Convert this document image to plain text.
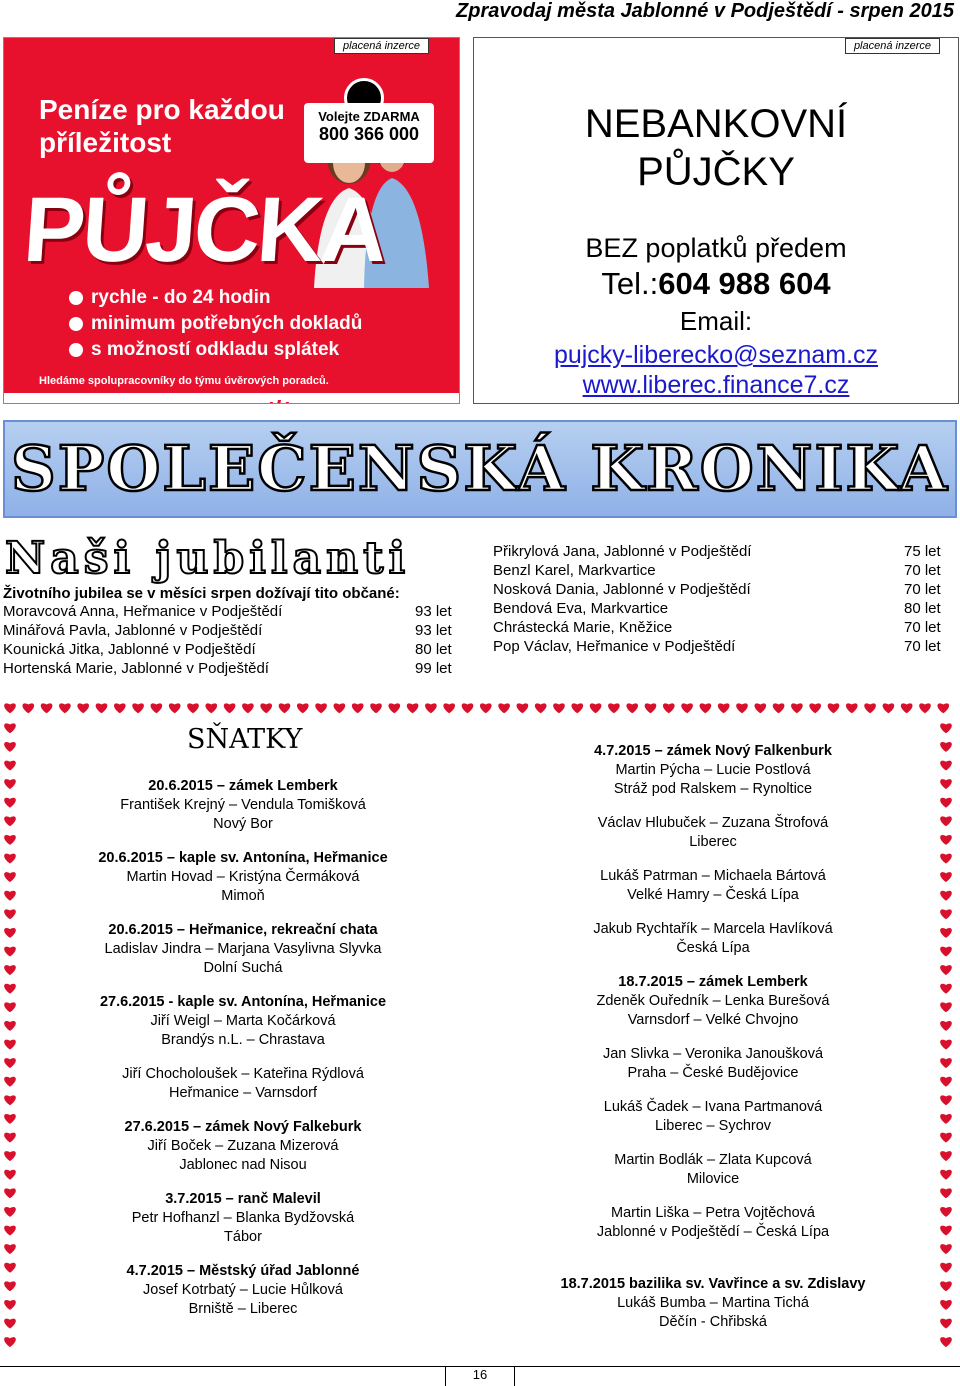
Zpravodaj města Jablonné v Podještědí - srpen 2015
placená inzerce
Peníze pro každou
příležitost
Volejte ZDARMA
800 366 000
PŮJČKA
rychle - do 24 hodin
minimum potřebných dokladů
s možností odkladu splátek
Hledáme spolupracovníky do týmu úvěrových poradců.
placená inzerce
NEBANKOVNÍ
PŮJČKY
BEZ poplatků předem
Tel.:604 988 604
Email:
pujcky-liberecko@seznam.cz
www.liberec.finance7.cz
SPOLEČENSKÁ KRONIKA
Naši jubilanti
Životního jubilea se v měsíci srpen dožívají tito občané:
Moravcová Anna, Heřmanice v Podještědí	93 let
Minářová Pavla, Jablonné v Podještědí	93 let
Kounická Jitka, Jablonné v Podještědí	80 let
Hortenská Marie, Jablonné v Podještědí	99 let
Přikrylová Jana, Jablonné v Podještědí	75 let
Benzl Karel, Markvartice	70 let
Nosková Dania, Jablonné v Podještědí	70 let
Bendová Eva, Markvartice	80 let
Chrástecká Marie, Kněžice	70 let
Pop Václav, Heřmanice v Podještědí	70 let
SŇATKY
20.6.2015 – zámek Lemberk
František Krejný – Vendula Tomišková
Nový Bor
20.6.2015 – kaple sv. Antonína, Heřmanice
Martin Hovad – Kristýna Čermáková
Mimoň
20.6.2015 – Heřmanice, rekreační chata
Ladislav Jindra – Marjana Vasylivna Slyvka
Dolní Suchá
27.6.2015 - kaple sv. Antonína, Heřmanice
Jiří Weigl – Marta Kočárková
Brandýs n.L. – Chrastava
Jiří Chocholoušek – Kateřina Rýdlová
Heřmanice – Varnsdorf
27.6.2015 – zámek Nový Falkeburk
Jiří Boček – Zuzana Mizerová
Jablonec nad Nisou
3.7.2015 – ranč Malevil
Petr Hofhanzl – Blanka Bydžovská
Tábor
4.7.2015 – Městský úřad Jablonné
Josef Kotrbatý – Lucie Hůlková
Brniště – Liberec
4.7.2015 – zámek Nový Falkenburk
Martin Pýcha – Lucie Postlová
Stráž pod Ralskem – Rynoltice
Václav Hlubuček – Zuzana Štrofová
Liberec
Lukáš Patrman – Michaela Bártová
Velké Hamry – Česká Lípa
Jakub Rychtařík – Marcela Havlíková
Česká Lípa
18.7.2015 – zámek Lemberk
Zdeněk Ouředník – Lenka Burešová
Varnsdorf – Velké Chvojno
Jan Slivka – Veronika Janoušková
Praha – České Budějovice
Lukáš Čadek – Ivana Partmanová
Liberec – Sychrov
Martin Bodlák – Zlata Kupcová
Milovice
Martin Liška – Petra Vojtěchová
Jablonné v Podještědí – Česká Lípa
18.7.2015 bazilika sv. Vavřince a sv. Zdislavy
Lukáš Bumba – Martina Tichá
Děčín - Chřibská
16
